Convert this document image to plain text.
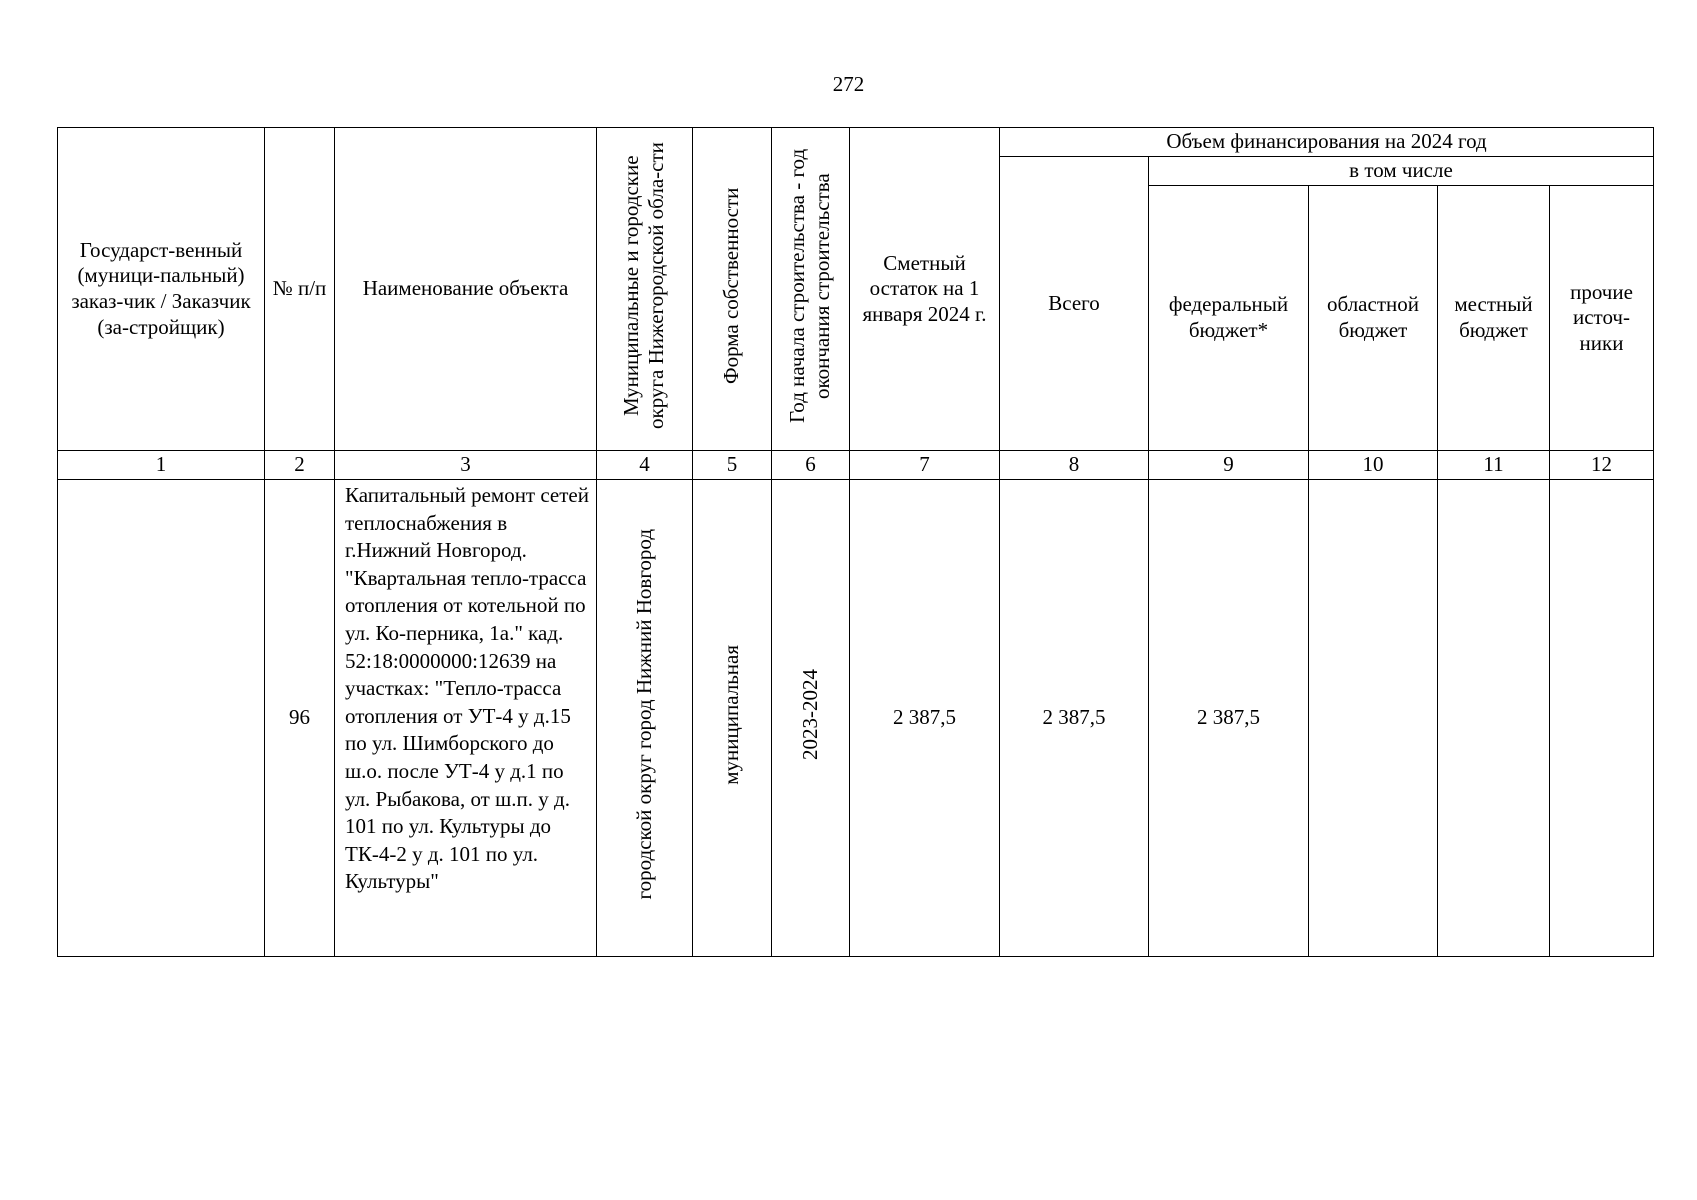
272
Государст-венный (муници-пальный) заказ-чик / Заказчик (за-стройщик)	№ п/п	Наименование объекта	Муниципальные и городские округа Нижегородской обла-сти	Форма собственности	Год начала строительства - год окончания строительства	Сметный остаток на 1 января 2024 г.	Объем финансирования на 2024 год				
							Всего	в том числе			

								федеральный бюджет*	областной бюджет	местный бюджет	прочие источ-ники

1	2	3	4	5	6	7	8	9	10	11	12
	96	Капитальный ремонт сетей теплоснабжения в г.Нижний Новгород. "Квартальная тепло-трасса отопления от котельной по ул. Ко-перника, 1а." кад. 52:18:0000000:12639 на участках: "Тепло-трасса отопления от УТ-4 у д.15 по ул. Шимборского до ш.о. после УТ-4 у д.1 по ул. Рыбакова, от ш.п. у д. 101 по ул. Культуры до ТК-4-2 у д. 101 по ул. Культуры"	городской округ город Нижний Новгород	муниципальная	2023-2024	2 387,5	2 387,5	2 387,5			
